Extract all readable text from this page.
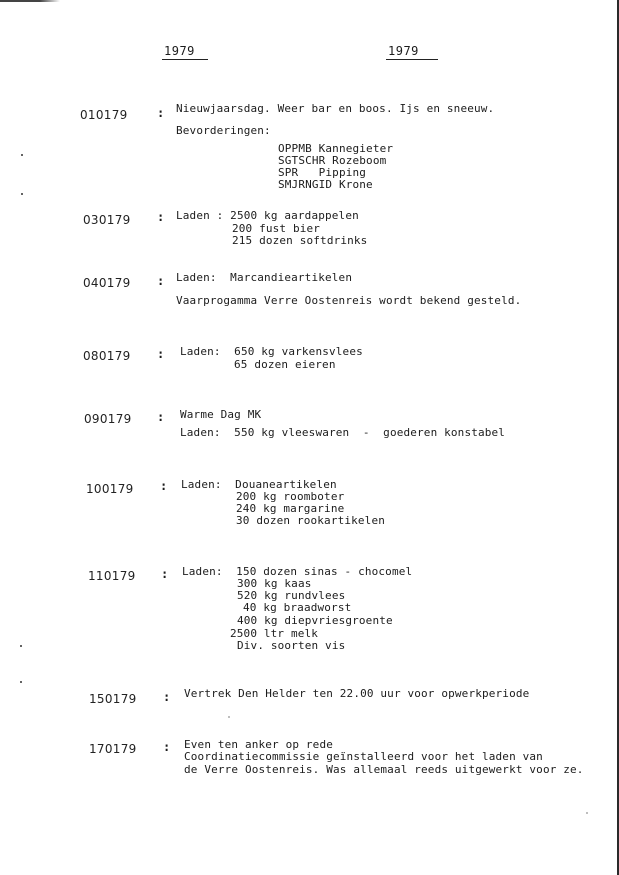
1979	1979
010179 : Nieuwjaarsdag. Weer bar en boos. Ijs en sneeuw.
Bevorderingen:
OPPMB Kannegieter
SGTSCHR Rozeboom
SPR   Pipping
SMJRNGID Krone
030179 : Laden : 2500 kg aardappelen
200 fust bier
215 dozen softdrinks
040179 : Laden:  Marcandieartikelen
Vaarprogamma Verre Oostenreis wordt bekend gesteld.
080179 : Laden:  650 kg varkensvlees
65 dozen eieren
090179 : Warme Dag MK
Laden:  550 kg vleeswaren  -  goederen konstabel
100179 : Laden:  Douaneartikelen
200 kg roomboter
240 kg margarine
30 dozen rookartikelen
110179 : Laden:  150 dozen sinas - chocomel
300 kg kaas
520 kg rundvlees
40 kg braadworst
400 kg diepvriesgroente
2500 ltr melk
Div. soorten vis
150179 : Vertrek Den Helder ten 22.00 uur voor opwerkperiode
170179 : Even ten anker op rede
Coordinatiecommissie geïnstalleerd voor het laden van
de Verre Oostenreis. Was allemaal reeds uitgewerkt voor ze.
